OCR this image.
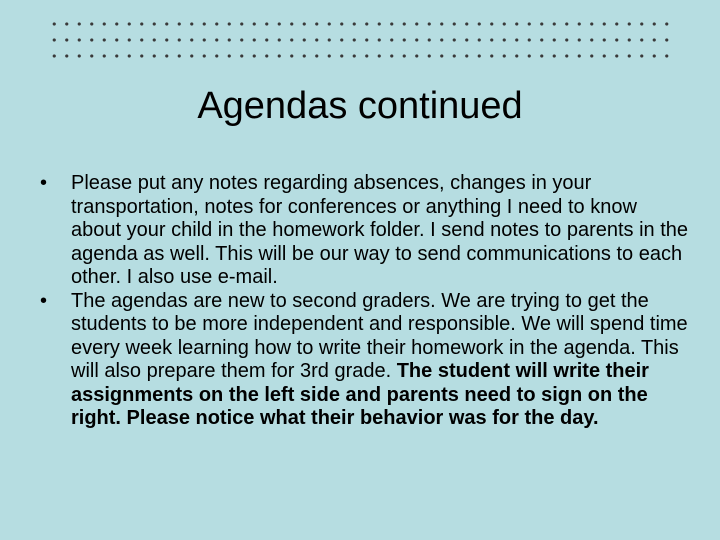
Agendas continued
•	Please put any notes regarding absences, changes in your transportation, notes for conferences or anything I need to know about your child in the homework folder. I send notes to parents in the agenda as well. This will be our way to send communications to each other. I also use e-mail.
•	The agendas are new to second graders. We are trying to get the students to be more independent and responsible. We will spend time every week learning how to write their homework in the agenda. This will also prepare them for 3rd grade. The student will write their assignments on the left side and parents need to sign on the right. Please notice what their behavior was for the day.
